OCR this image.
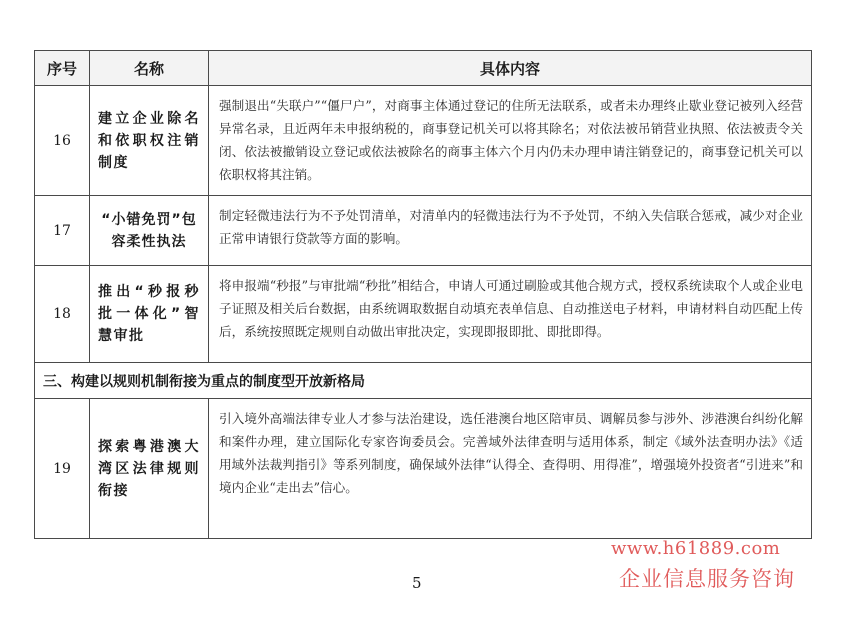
序号	名称	具体内容
16	建立企业除名和依职权注销制度	强制退出“失联户”“僵尸户”，对商事主体通过登记的住所无法联系，或者未办理终止歇业登记被列入经营异常名录，且近两年未申报纳税的，商事登记机关可以将其除名；对依法被吊销营业执照、依法被责令关闭、依法被撤销设立登记或依法被除名的商事主体六个月内仍未办理申请注销登记的，商事登记机关可以依职权将其注销。
17	“小错免罚”包容柔性执法	制定轻微违法行为不予处罚清单，对清单内的轻微违法行为不予处罚，不纳入失信联合惩戒，减少对企业正常申请银行贷款等方面的影响。
18	推出“秒报秒批一体化”智慧审批	将申报端“秒报”与审批端“秒批”相结合，申请人可通过刷脸或其他合规方式，授权系统读取个人或企业电子证照及相关后台数据，由系统调取数据自动填充表单信息、自动推送电子材料，申请材料自动匹配上传后，系统按照既定规则自动做出审批决定，实现即报即批、即批即得。
三、构建以规则机制衔接为重点的制度型开放新格局		
19	探索粤港澳大湾区法律规则衔接	引入境外高端法律专业人才参与法治建设，选任港澳台地区陪审员、调解员参与涉外、涉港澳台纠纷化解和案件办理，建立国际化专家咨询委员会。完善域外法律查明与适用体系，制定《域外法查明办法》《适用域外法裁判指引》等系列制度，确保域外法律“认得全、查得明、用得准”，增强境外投资者“引进来”和境内企业“走出去”信心。
5
www.h61889.com
企业信息服务咨询
